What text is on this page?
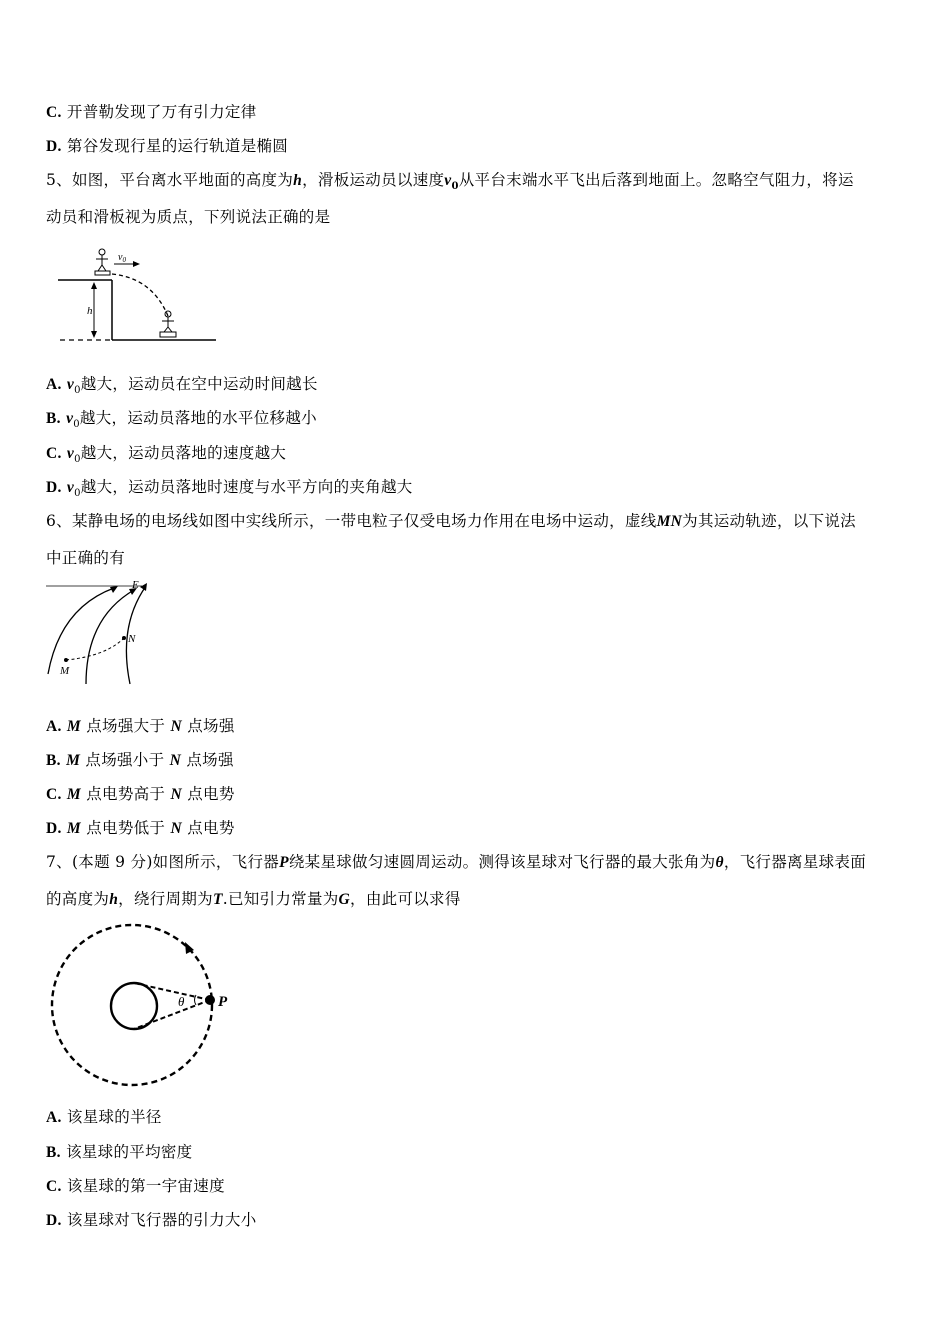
C. 开普勒发现了万有引力定律
D. 第谷发现行星的运行轨道是椭圆
5、如图，平台离水平地面的高度为h，滑板运动员以速度$v_0$从平台末端水平飞出后落到地面上。忽略空气阻力，将运
动员和滑板视为质点，下列说法正确的是
h
$v_0$
A. $v_0$越大，运动员在空中运动时间越长
B. $v_0$越大，运动员落地的水平位移越小
C. $v_0$越大，运动员落地的速度越大
D. $v_0$越大，运动员落地时速度与水平方向的夹角越大
6、某静电场的电场线如图中实线所示，一带电粒子仅受电场力作用在电场中运动，虚线MN为其运动轨迹，以下说法
中正确的有
E
N
M
A. M 点场强大于 N 点场强
B. M 点场强小于 N 点场强
C. M 点电势高于 N 点电势
D. M 点电势低于 N 点电势
7、(本题 9 分)如图所示，飞行器P绕某星球做匀速圆周运动。测得该星球对飞行器的最大张角为θ，飞行器离星球表面
的高度为h，绕行周期为T.已知引力常量为G，由此可以求得
θ P
A. 该星球的半径
B. 该星球的平均密度
C. 该星球的第一宇宙速度
D. 该星球对飞行器的引力大小
